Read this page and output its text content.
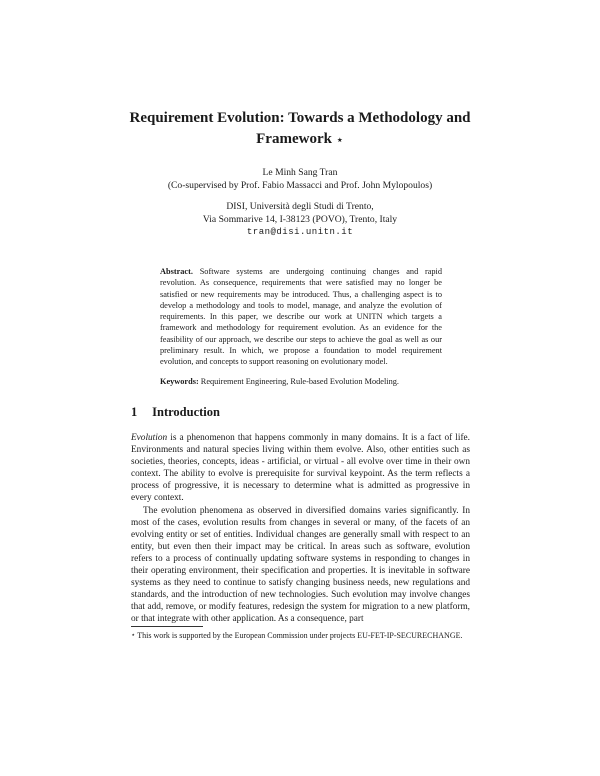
Requirement Evolution: Towards a Methodology and
Framework ⋆
Le Minh Sang Tran
(Co-supervised by Prof. Fabio Massacci and Prof. John Mylopoulos)
DISI, Università degli Studi di Trento,
Via Sommarive 14, I-38123 (POVO), Trento, Italy
tran@disi.unitn.it
Abstract. Software systems are undergoing continuing changes and rapid revolution. As consequence, requirements that were satisfied may no longer be satisfied or new requirements may be introduced. Thus, a challenging aspect is to develop a methodology and tools to model, manage, and analyze the evolution of requirements. In this paper, we describe our work at UNITN which targets a framework and methodology for requirement evolution. As an evidence for the feasibility of our approach, we describe our steps to achieve the goal as well as our preliminary result. In which, we propose a foundation to model requirement evolution, and concepts to support reasoning on evolutionary model.
Keywords: Requirement Engineering, Rule-based Evolution Modeling.
1 Introduction

Evolution is a phenomenon that happens commonly in many domains. It is a fact of life. Environments and natural species living within them evolve. Also, other entities such as societies, theories, concepts, ideas - artificial, or virtual - all evolve over time in their own context. The ability to evolve is prerequisite for survival keypoint. As the term reflects a process of progressive, it is necessary to determine what is admitted as progressive in every context.

The evolution phenomena as observed in diversified domains varies significantly. In most of the cases, evolution results from changes in several or many, of the facets of an evolving entity or set of entities. Individual changes are generally small with respect to an entity, but even then their impact may be critical. In areas such as software, evolution refers to a process of continually updating software systems in responding to changes in their operating environment, their specification and properties. It is inevitable in software systems as they need to continue to satisfy changing business needs, new regulations and standards, and the introduction of new technologies. Such evolution may involve changes that add, remove, or modify features, redesign the system for migration to a new platform, or that integrate with other application. As a consequence, part

⋆ This work is supported by the European Commission under projects EU-FET-IP-SECURECHANGE.
